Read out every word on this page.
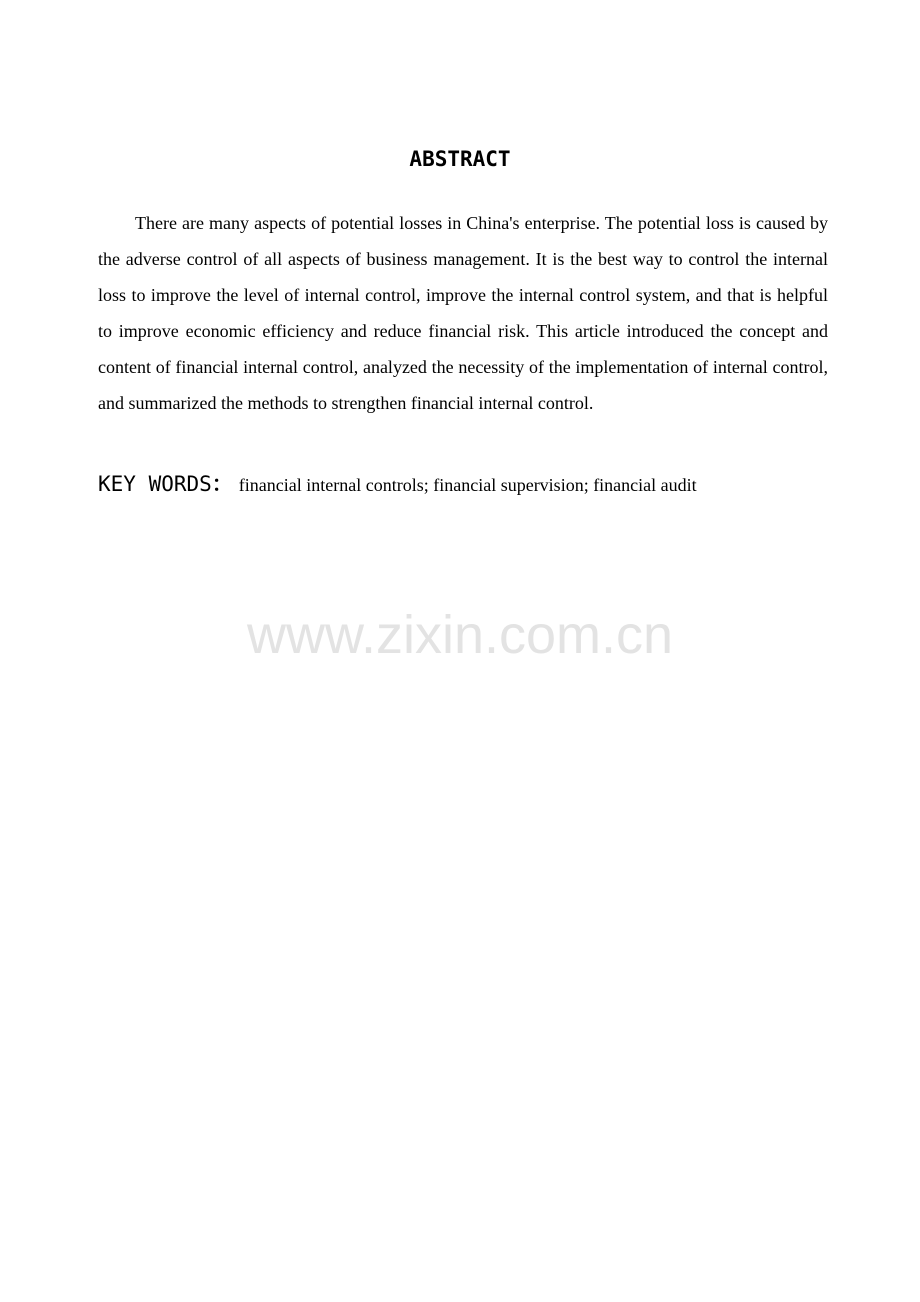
ABSTRACT

There are many aspects of potential losses in China's enterprise. The potential loss is caused by the adverse control of all aspects of business management. It is the best way to control the internal loss to improve the level of internal control, improve the internal control system, and that is helpful to improve economic efficiency and reduce financial risk. This article introduced the concept and content of financial internal control, analyzed the necessity of the implementation of internal control, and summarized the methods to strengthen financial internal control.

KEY WORDS： financial internal controls; financial supervision; financial audit
www.zixin.com.cn
